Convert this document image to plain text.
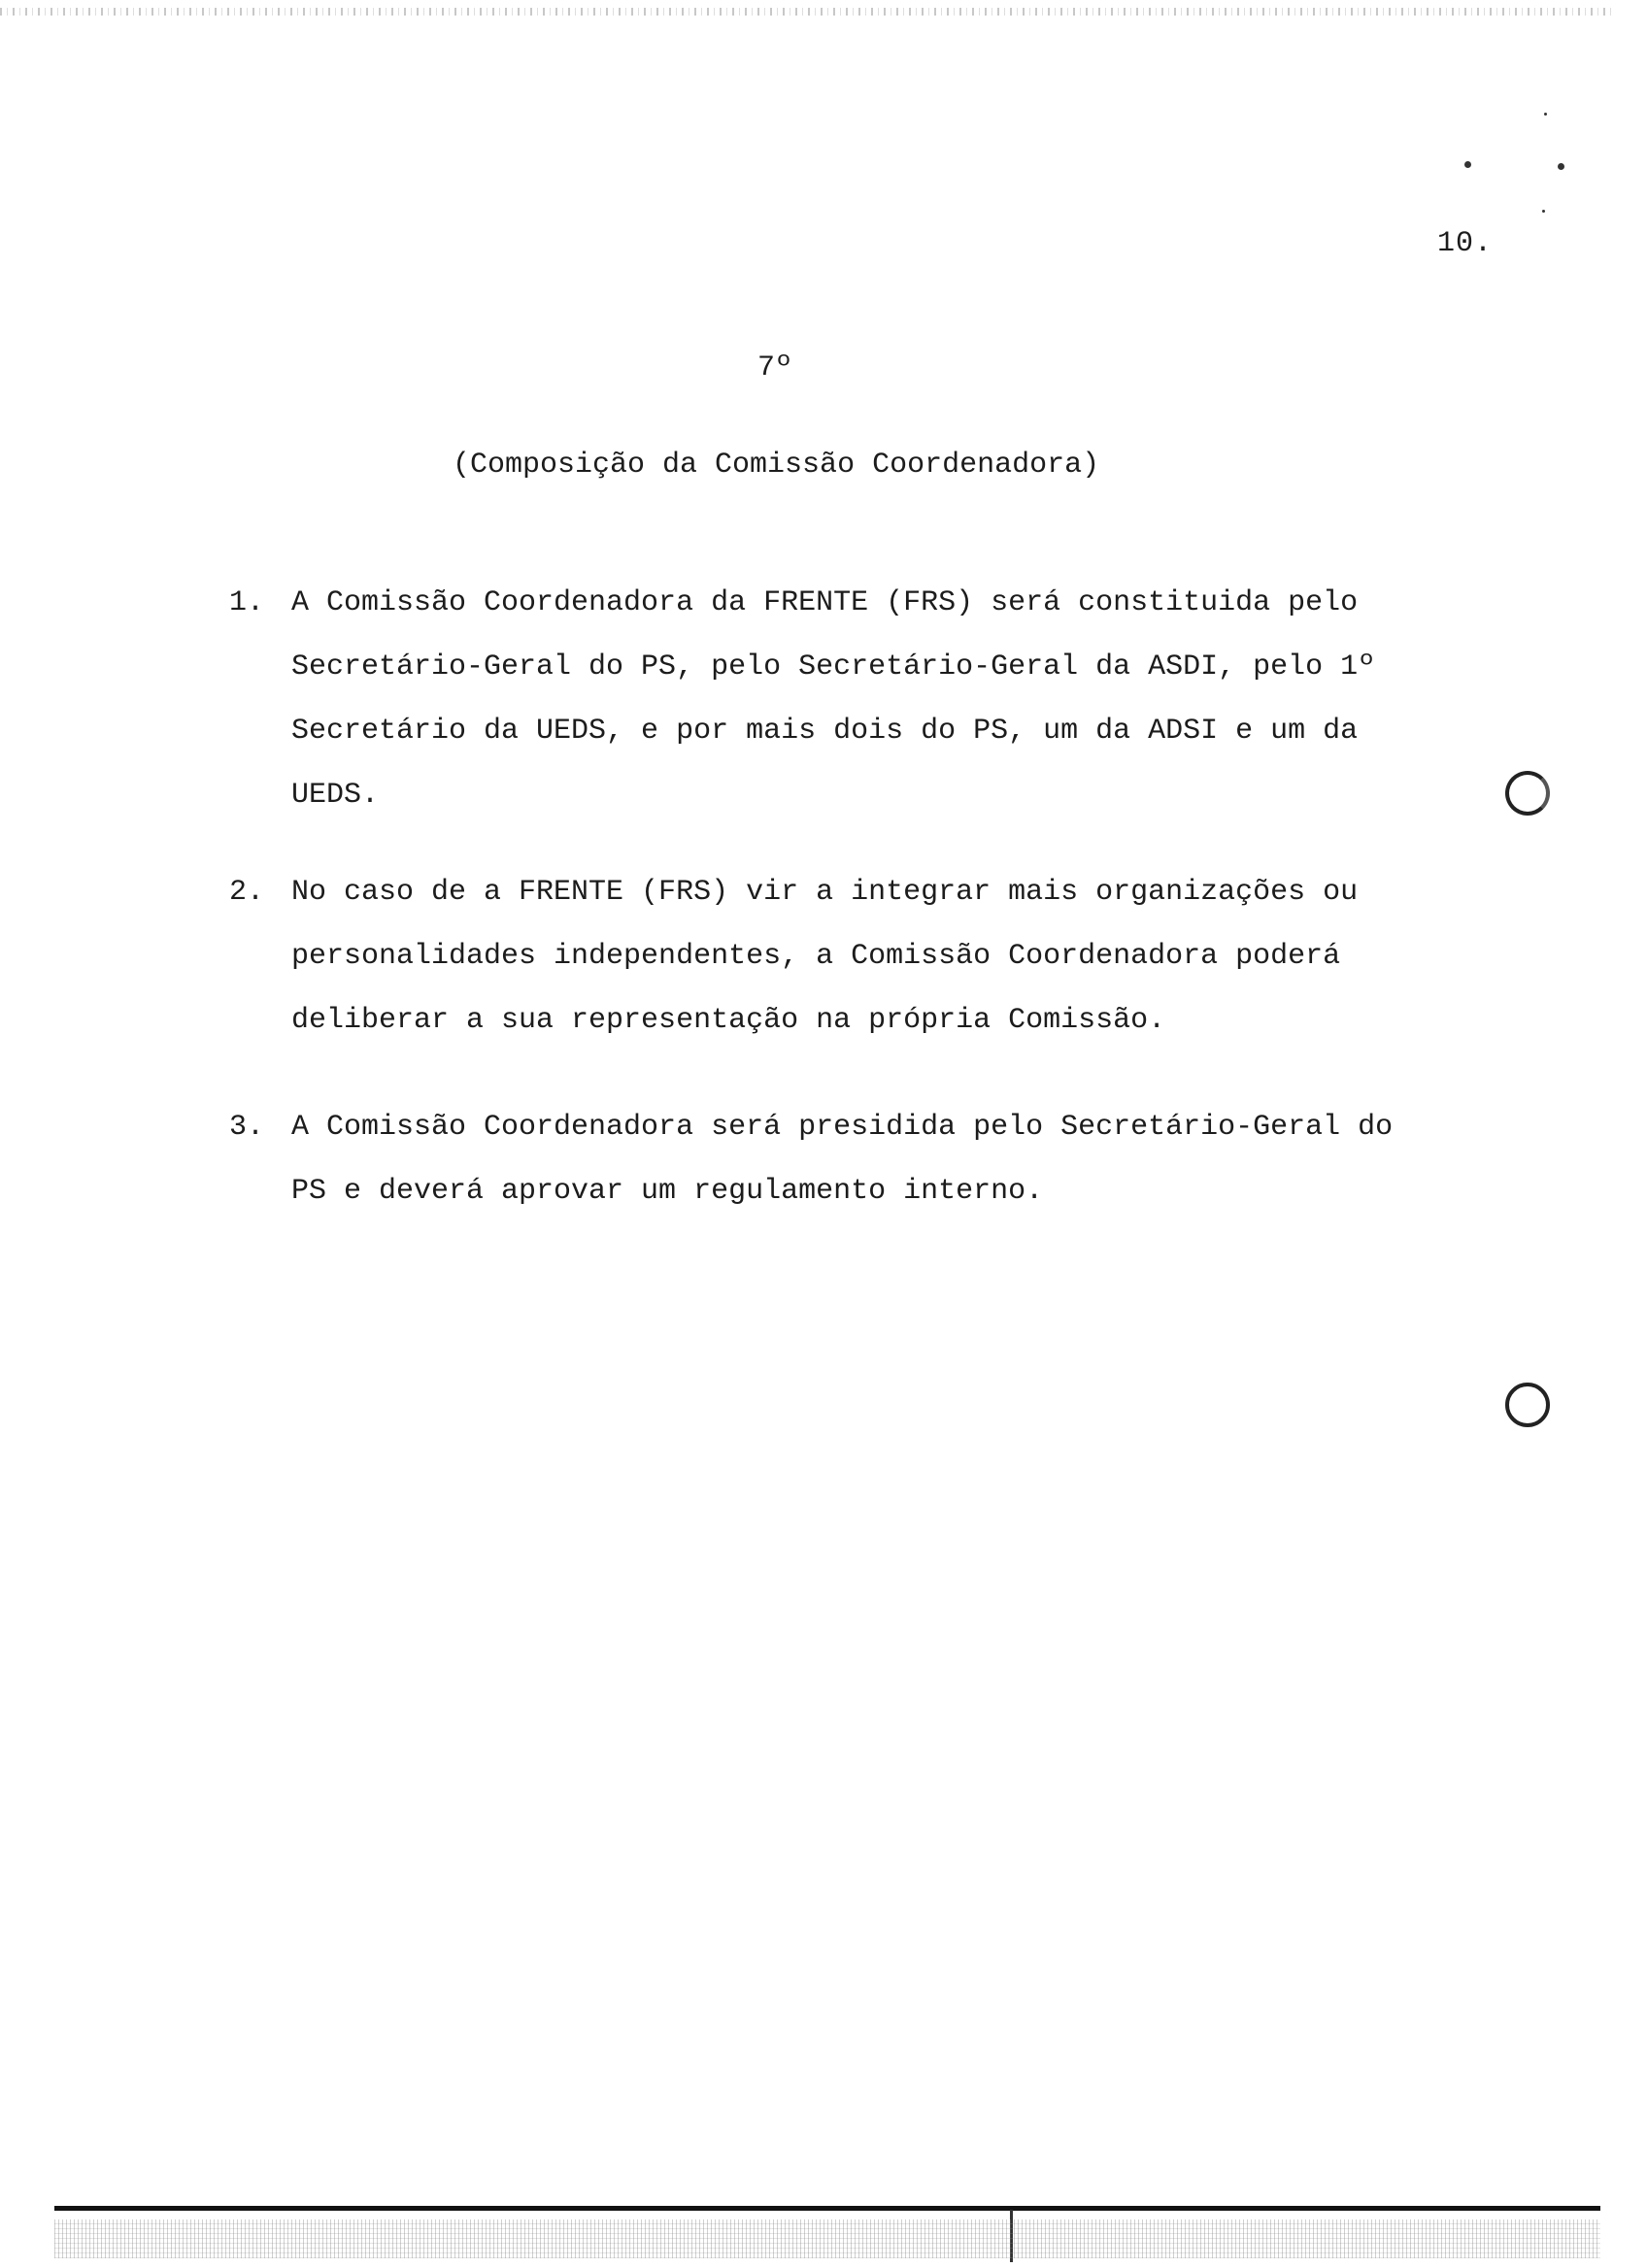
10.
7º
(Composição da Comissão Coordenadora)
1. A Comissão Coordenadora da FRENTE (FRS) será constituida pelo
Secretário-Geral do PS, pelo Secretário-Geral da ASDI, pelo 1º
Secretário da UEDS, e por mais dois do PS, um da ADSI e um da
UEDS.
2. No caso de a FRENTE (FRS) vir a integrar mais organizações ou
personalidades independentes, a Comissão Coordenadora poderá
deliberar a sua representação na própria Comissão.
3. A Comissão Coordenadora será presidida pelo Secretário-Geral do
PS e deverá aprovar um regulamento interno.
